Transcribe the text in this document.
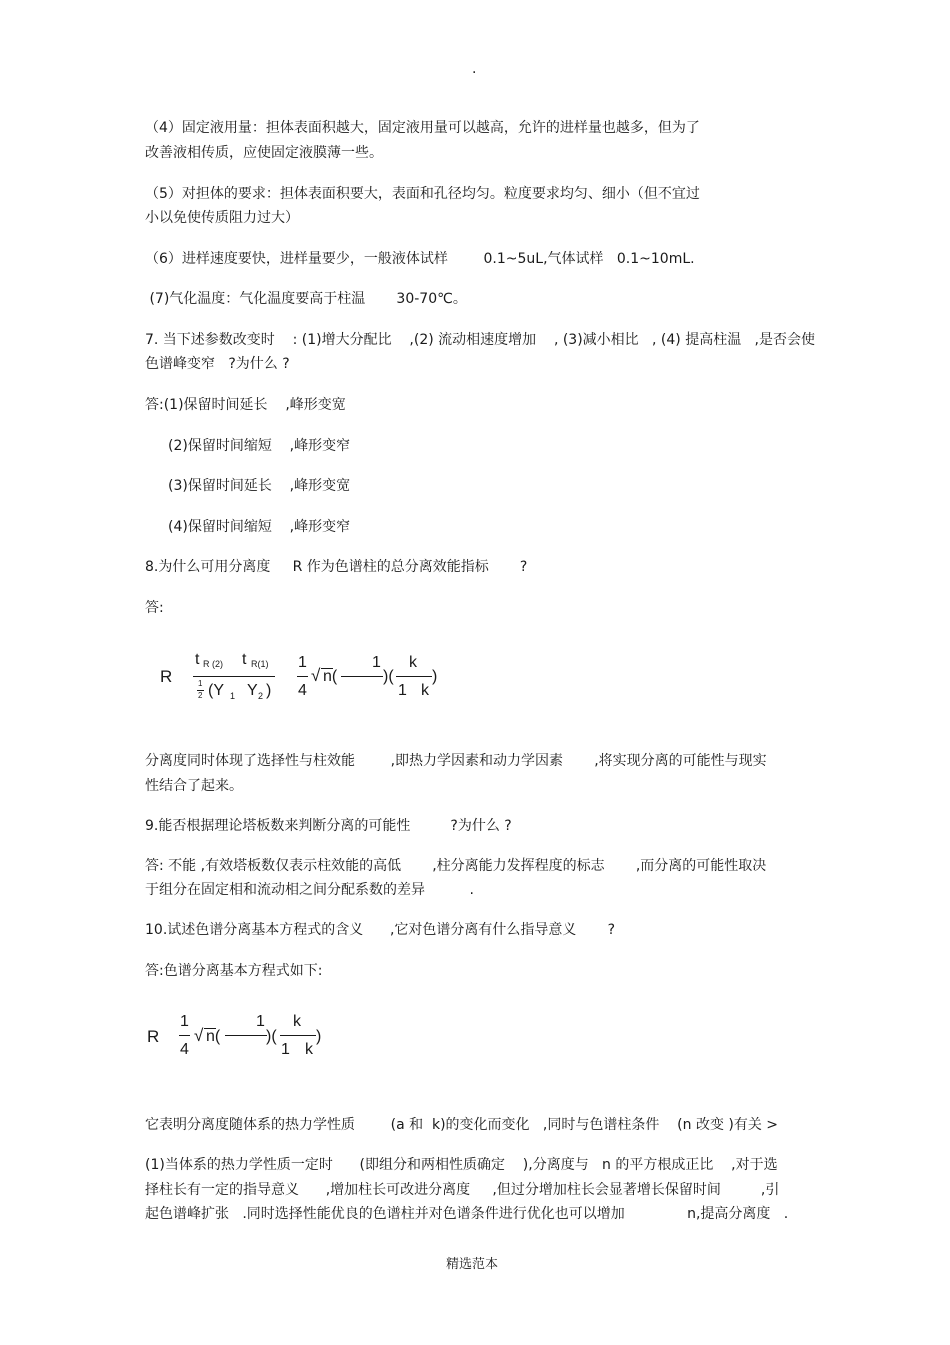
.
（4）固定液用量：担体表面积越大，固定液用量可以越高，允许的进样量也越多，但为了
改善液相传质，应使固定液膜薄一些。
（5）对担体的要求：担体表面积要大，表面和孔径均匀。粒度要求均匀、细小（但不宜过
小以免使传质阻力过大）
（6）进样速度要快，进样量要少，一般液体试样        0.1~5uL,气体试样   0.1~10mL.
(7)气化温度：气化温度要高于柱温       30-70℃。
7. 当下述参数改变时    : (1)增大分配比    ,(2) 流动相速度增加    , (3)减小相比   , (4) 提高柱温   ,是否会使
色谱峰变窄   ?为什么 ?
答:(1)保留时间延长    ,峰形变宽
(2)保留时间缩短    ,峰形变窄
(3)保留时间延长    ,峰形变宽
(4)保留时间缩短    ,峰形变窄
8.为什么可用分离度     R 作为色谱柱的总分离效能指标       ?
答:
R
t R (2) t R(1)
1
2 (Y 1 Y 2 )
1
4
√ n(
1
)(
k
1 k
)
分离度同时体现了选择性与柱效能        ,即热力学因素和动力学因素       ,将实现分离的可能性与现实
性结合了起来。
9.能否根据理论塔板数来判断分离的可能性         ?为什么 ?
答: 不能 ,有效塔板数仅表示柱效能的高低       ,柱分离能力发挥程度的标志       ,而分离的可能性取决
于组分在固定相和流动相之间分配系数的差异          .
10.试述色谱分离基本方程式的含义      ,它对色谱分离有什么指导意义       ?
答:色谱分离基本方程式如下:
R
1
4
√ n(
1
)(
k
1 k
)
它表明分离度随体系的热力学性质        (a 和  k)的变化而变化   ,同时与色谱柱条件    (n 改变 )有关 >
(1)当体系的热力学性质一定时      (即组分和两相性质确定    ),分离度与   n 的平方根成正比    ,对于选
择柱长有一定的指导意义      ,增加柱长可改进分离度     ,但过分增加柱长会显著增长保留时间         ,引
起色谱峰扩张   .同时选择性能优良的色谱柱并对色谱条件进行优化也可以增加              n,提高分离度   .
精选范本
